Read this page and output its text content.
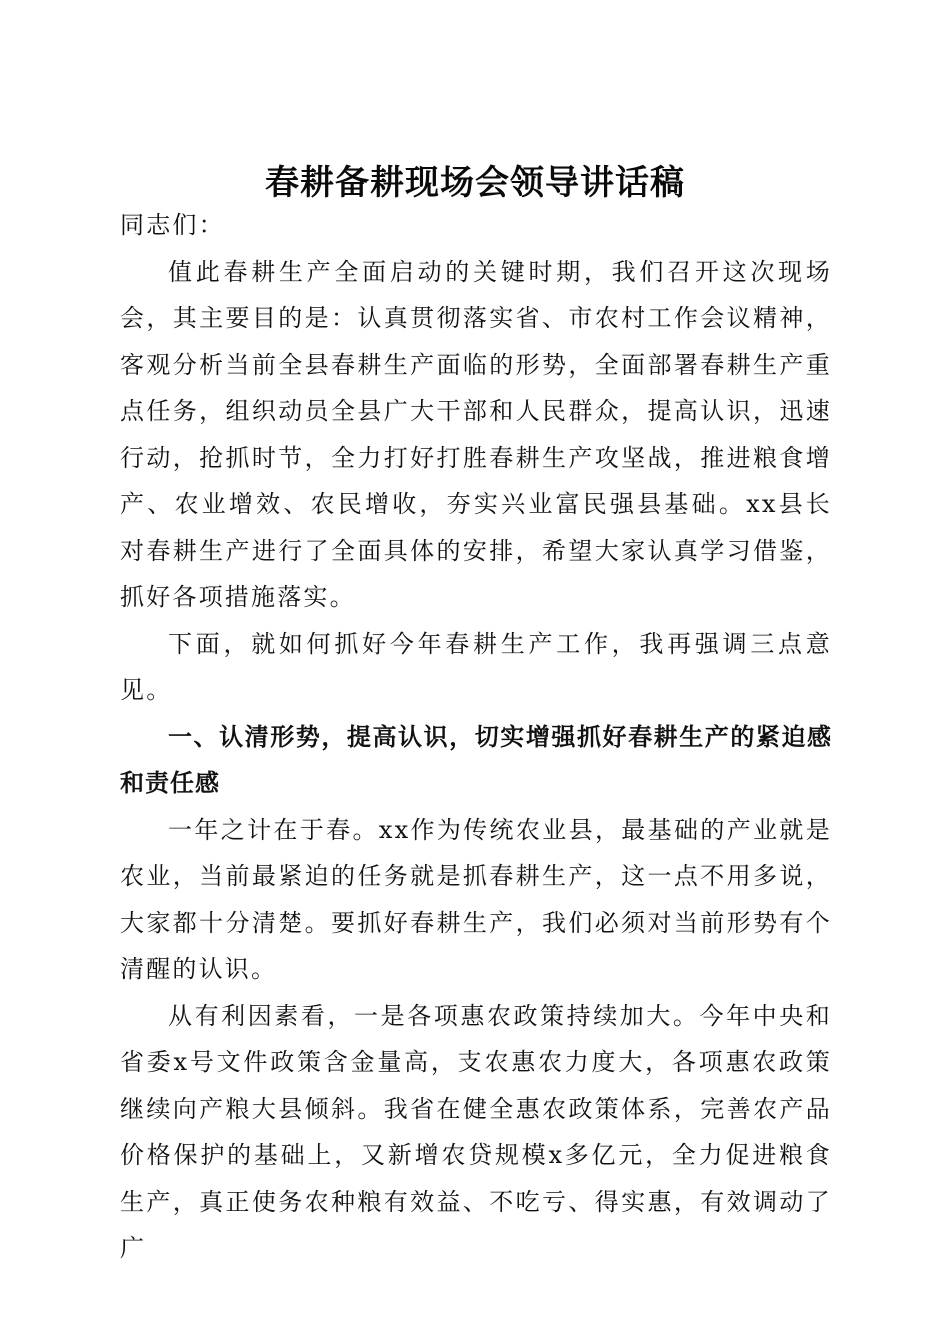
春耕备耕现场会领导讲话稿

同志们：

值此春耕生产全面启动的关键时期，我们召开这次现场会，其主要目的是：认真贯彻落实省、市农村工作会议精神，客观分析当前全县春耕生产面临的形势，全面部署春耕生产重点任务，组织动员全县广大干部和人民群众，提高认识，迅速行动，抢抓时节，全力打好打胜春耕生产攻坚战，推进粮食增产、农业增效、农民增收，夯实兴业富民强县基础。xx县长对春耕生产进行了全面具体的安排，希望大家认真学习借鉴，抓好各项措施落实。

下面，就如何抓好今年春耕生产工作，我再强调三点意见。

一、认清形势，提高认识，切实增强抓好春耕生产的紧迫感和责任感

一年之计在于春。xx作为传统农业县，最基础的产业就是农业，当前最紧迫的任务就是抓春耕生产，这一点不用多说，大家都十分清楚。要抓好春耕生产，我们必须对当前形势有个清醒的认识。

从有利因素看，一是各项惠农政策持续加大。今年中央和省委x号文件政策含金量高，支农惠农力度大，各项惠农政策继续向产粮大县倾斜。我省在健全惠农政策体系，完善农产品价格保护的基础上，又新增农贷规模x多亿元，全力促进粮食生产，真正使务农种粮有效益、不吃亏、得实惠，有效调动了广
